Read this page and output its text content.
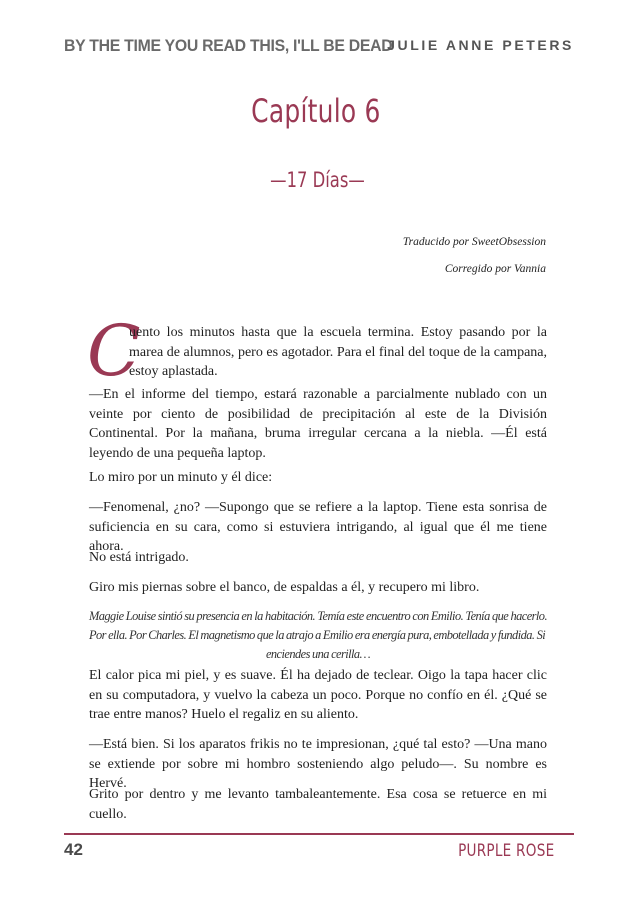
BY THE TIME YOU READ THIS, I'LL BE DEAD
JULIE ANNE PETERS
Capítulo 6
—17 Días—
Traducido por SweetObsession
Corregido por Vannia
C
uento los minutos hasta que la escuela termina. Estoy pasando por la marea de alumnos, pero es agotador. Para el final del toque de la campana, estoy aplastada.
—En el informe del tiempo, estará razonable a parcialmente nublado con un veinte por ciento de posibilidad de precipitación al este de la División Continental. Por la mañana, bruma irregular cercana a la niebla. —Él está leyendo de una pequeña laptop.
Lo miro por un minuto y él dice:
—Fenomenal, ¿no? —Supongo que se refiere a la laptop. Tiene esta sonrisa de suficiencia en su cara, como si estuviera intrigando, al igual que él me tiene ahora.
No está intrigado.
Giro mis piernas sobre el banco, de espaldas a él, y recupero mi libro.
Maggie Louise sintió su presencia en la habitación. Temía este encuentro con Emilio. Tenía que hacerlo. Por ella. Por Charles. El magnetismo que la atrajo a Emilio era energía pura, embotellada y fundida. Si
enciendes una cerilla…
El calor pica mi piel, y es suave. Él ha dejado de teclear. Oigo la tapa hacer clic en su computadora, y vuelvo la cabeza un poco. Porque no confío en él. ¿Qué se trae entre manos? Huelo el regaliz en su aliento.
—Está bien. Si los aparatos frikis no te impresionan, ¿qué tal esto? —Una mano se extiende por sobre mi hombro sosteniendo algo peludo—. Su nombre es Hervé.
Grito por dentro y me levanto tambaleantemente. Esa cosa se retuerce en mi cuello.
42	PURPLE ROSE
